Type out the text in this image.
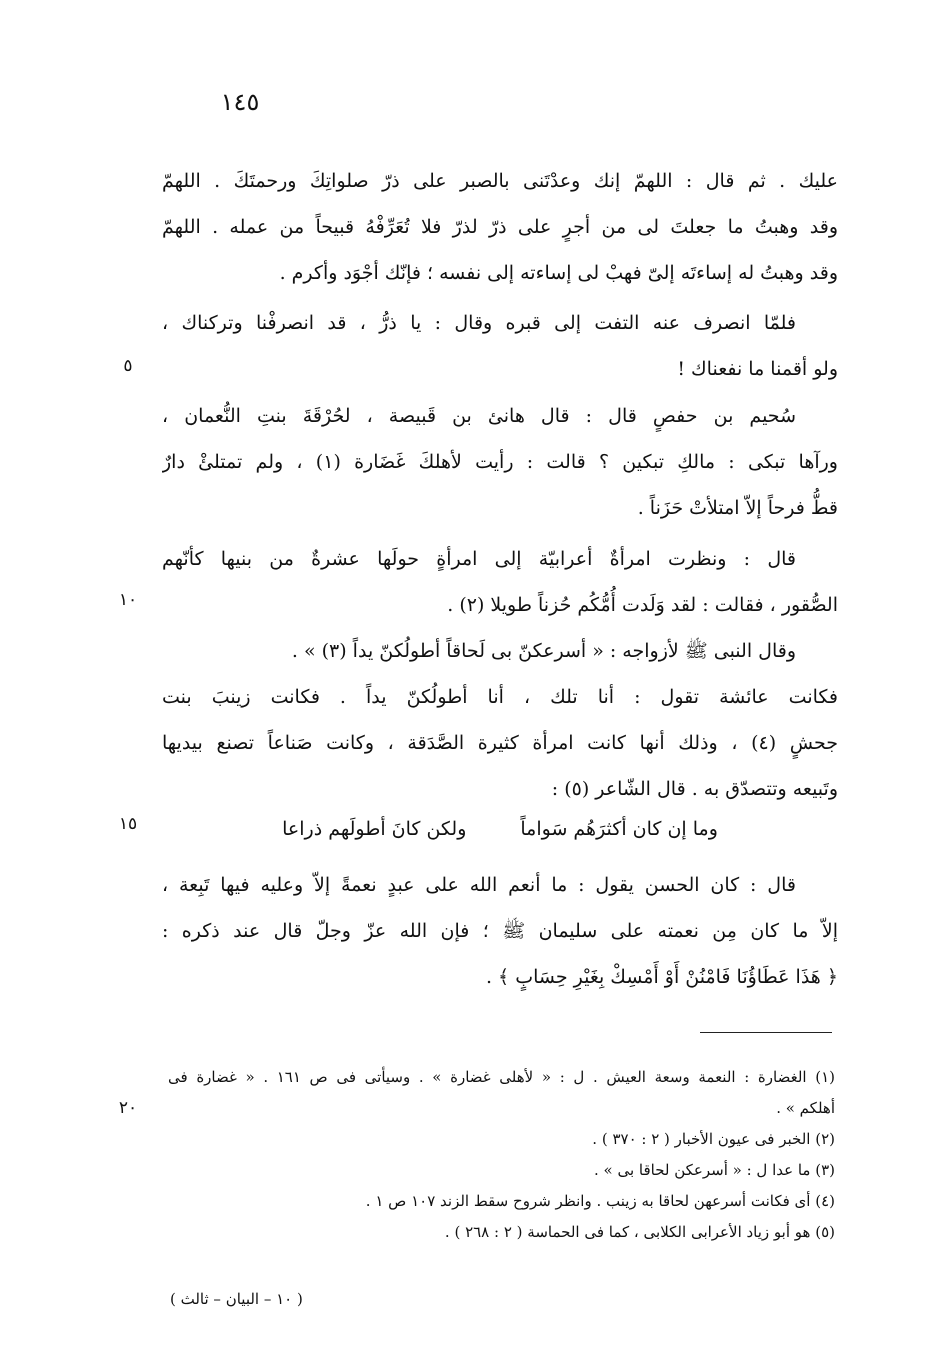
١٤٥
عليك . ثم قال : اللهمّ إنك وعدْتَنى بالصبر على ذرّ صلواتِكَ ورحمتَكَ . اللهمّ
وقد وهبتُ ما جعلتَ لى من أجرٍ على ذرّ لذرّ فلا تُعَرِّفْهُ قبيحاً من عمله . اللهمّ
وقد وهبتُ له إساءتَه إلىّ فهبْ لى إساءته إلى نفسه ؛ فإنّك أجْوَد وأكرم .
فلمّا انصرف عنه التفت إلى قبره وقال : يا ذرُّ ، قد انصرفْنا وتركناك ،
ولو أقمنا ما نفعناك !
سُحيم بن حفصٍ قال : قال هانئ بن قَبيصة ، لحُرْقَةَ بنتِ النُّعمان ،
ورآها تبكى : مالكِ تبكين ؟ قالت : رأيت لأهلكَ غَضَارة (١) ، ولم تمتلئْ دارٌ
قطُّ فرحاً إلاّ امتلأتْ حَزَناً .
قال : ونظرت امرأةٌ أعرابيّة إلى امرأةٍ حولَها عشرةٌ من بنيها كأنّهم
الصُّقور ، فقالت : لقد وَلَدت أُمُّكُم حُزناً طويلا (٢) .
وقال النبى ﷺ لأزواجه : « أسرعكنّ بى لَحاقاً أطولُكنّ يداً (٣) » .
فكانت عائشة تقول : أنا تلك ، أنا أطولُكنّ يداً . فكانت زينبَ بنت
جحشٍ (٤) ، وذلك أنها كانت امرأة كثيرة الصَّدَقة ، وكانت صَناعاً تصنع بيديها
وتَبيعه وتتصدّق به . قال الشّاعر (٥) :
وما إن كان أكثرَهُم سَواماً
ولكن كانَ أطولَهم ذراعا
قال : كان الحسن يقول : ما أنعم الله على عبدٍ نعمةً إلاّ وعليه فيها تَبِعة ،
إلاّ ما كان مِن نعمته على سليمان ﷺ ؛ فإن الله عزّ وجلّ قال عند ذكره :
﴿ هَذَا عَطَاؤُنَا فَامْنُنْ أَوْ أَمْسِكْ بِغَيْرِ حِسَابٍ ﴾ .
٥
١٠
١٥
٢٠
(١) الغضارة : النعمة وسعة العيش . ل : « لأهلى غضارة » . وسيأتى فى ص ١٦١ . « غضارة فى
أهلكم » .
(٢) الخبر فى عيون الأخبار ( ٢ : ٣٧٠ ) .
(٣) ما عدا ل : « أسرعكن لحاقا بى » .
(٤) أى فكانت أسرعهن لحاقا به زينب . وانظر شروح سقط الزند ١٠٧ ص ١ .
(٥) هو أبو زياد الأعرابى الكلابى ، كما فى الحماسة ( ٢ : ٢٦٨ ) .
( ١٠ – البيان – ثالث )
